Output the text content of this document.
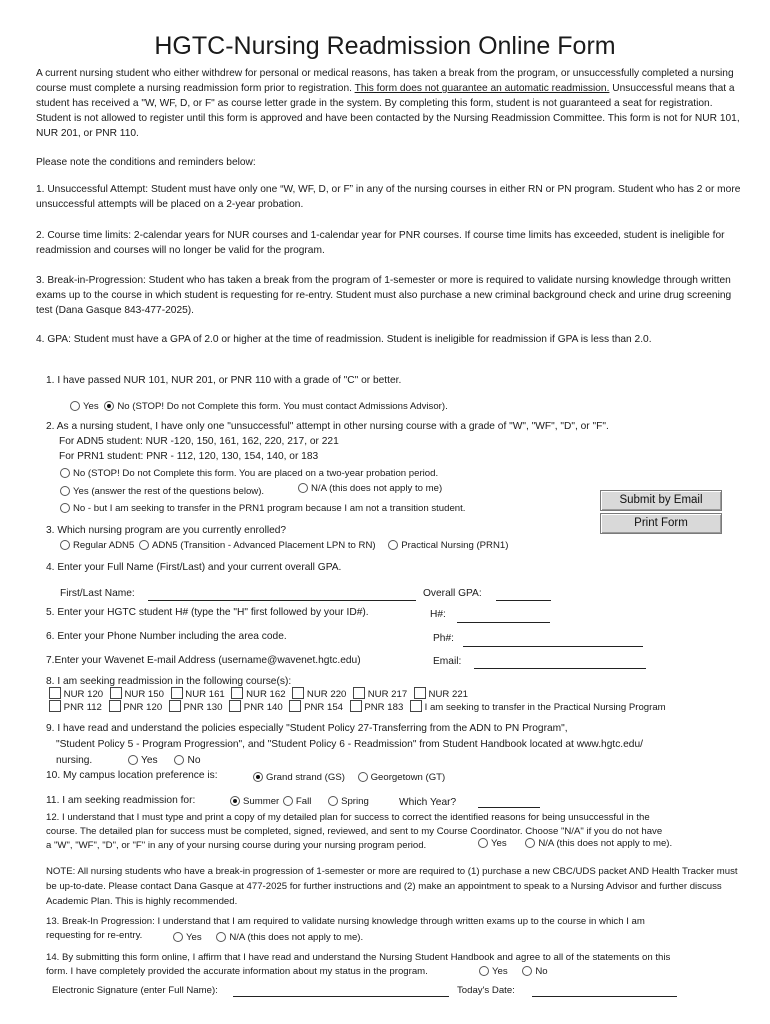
HGTC-Nursing Readmission Online Form
A current nursing student who either withdrew for personal or medical reasons, has taken a break from the program, or unsuccessfully completed a nursing course must complete a nursing readmission form prior to registration. This form does not guarantee an automatic readmission. Unsuccessful means that a student has received a "W, WF, D, or F" as course letter grade in the system. By completing this form, student is not guaranteed a seat for registration. Student is not allowed to register until this form is approved and have been contacted by the Nursing Readmission Committee. This form is not for NUR 101, NUR 201, or PNR 110.
Please note the conditions and reminders below:
1. Unsuccessful Attempt: Student must have only one “W, WF, D, or F” in any of the nursing courses in either RN or PN program. Student who has 2 or more unsuccessful attempts will be placed on a 2-year probation.
2. Course time limits: 2-calendar years for NUR courses and 1-calendar year for PNR courses. If course time limits has exceeded, student is ineligible for readmission and courses will no longer be valid for the program.
3. Break-in-Progression: Student who has taken a break from the program of 1-semester or more is required to validate nursing knowledge through written exams up to the course in which student is requesting for re-entry. Student must also purchase a new criminal background check and urine drug screening test (Dana Gasque 843-477-2025).
4. GPA: Student must have a GPA of 2.0 or higher at the time of readmission. Student is ineligible for readmission if GPA is less than 2.0.
1. I have passed NUR 101, NUR 201, or PNR 110 with a grade of "C" or better.
Yes No (STOP! Do not Complete this form. You must contact Admissions Advisor).
2. As a nursing student, I have only one "unsuccessful" attempt in other nursing course with a grade of "W", "WF", "D", or "F".
For ADN5 student: NUR -120, 150, 161, 162, 220, 217, or 221
For PRN1 student: PNR - 112, 120, 130, 154, 140, or 183
No (STOP! Do not Complete this form. You are placed on a two-year probation period.
Yes (answer the rest of the questions below).	N/A (this does not apply to me)
No - but I am seeking to transfer in the PRN1 program because I am not a transition student.
Submit by Email
Print Form
3. Which nursing program are you currently enrolled?
Regular ADN5 ADN5 (Transition - Advanced Placement LPN to RN)	Practical Nursing (PRN1)
4. Enter your Full Name (First/Last) and your current overall GPA.
First/Last Name:	Overall GPA:
5. Enter your HGTC student H# (type the "H" first followed by your ID#).	H#:
6. Enter your Phone Number including the area code.	Ph#:
7.Enter your Wavenet E-mail Address (username@wavenet.hgtc.edu)	Email:
8. I am seeking readmission in the following course(s):
NUR 120 NUR 150 NUR 161 NUR 162 NUR 220 NUR 217 NUR 221
PNR 112 PNR 120 PNR 130 PNR 140 PNR 154 PNR 183 I am seeking to transfer in the Practical Nursing Program
9. I have read and understand the policies especially "Student Policy 27-Transferring from the ADN to PN Program",
"Student Policy 5 - Program Progression", and "Student Policy 6 - Readmission" from Student Handbook located at www.hgtc.edu/
nursing.	Yes	No
10. My campus location preference is:	Grand strand (GS)	Georgetown (GT)
11. I am seeking readmission for:	Summer Fall	Spring	Which Year?
12. I understand that I must type and print a copy of my detailed plan for success to correct the identified reasons for being unsuccessful in the
course. The detailed plan for success must be completed, signed, reviewed, and sent to my Course Coordinator. Choose "N/A" if you do not have
a "W", "WF", "D", or "F" in any of your nursing course during your nursing program period.	Yes	N/A (this does not apply to me).
NOTE: All nursing students who have a break-in progression of 1-semester or more are required to (1) purchase a new CBC/UDS packet AND Health Tracker must be up-to-date. Please contact Dana Gasque at 477-2025 for further instructions and (2) make an appointment to speak to a Nursing Advisor and further discuss Academic Plan. This is highly recommended.
13. Break-In Progression: I understand that I am required to validate nursing knowledge through written exams up to the course in which I am
requesting for re-entry.	Yes	N/A (this does not apply to me).
14. By submitting this form online, I affirm that I have read and understand the Nursing Student Handbook and agree to all of the statements on this
form. I have completely provided the accurate information about my status in the program.	Yes	No
Electronic Signature (enter Full Name):	Today's Date:
